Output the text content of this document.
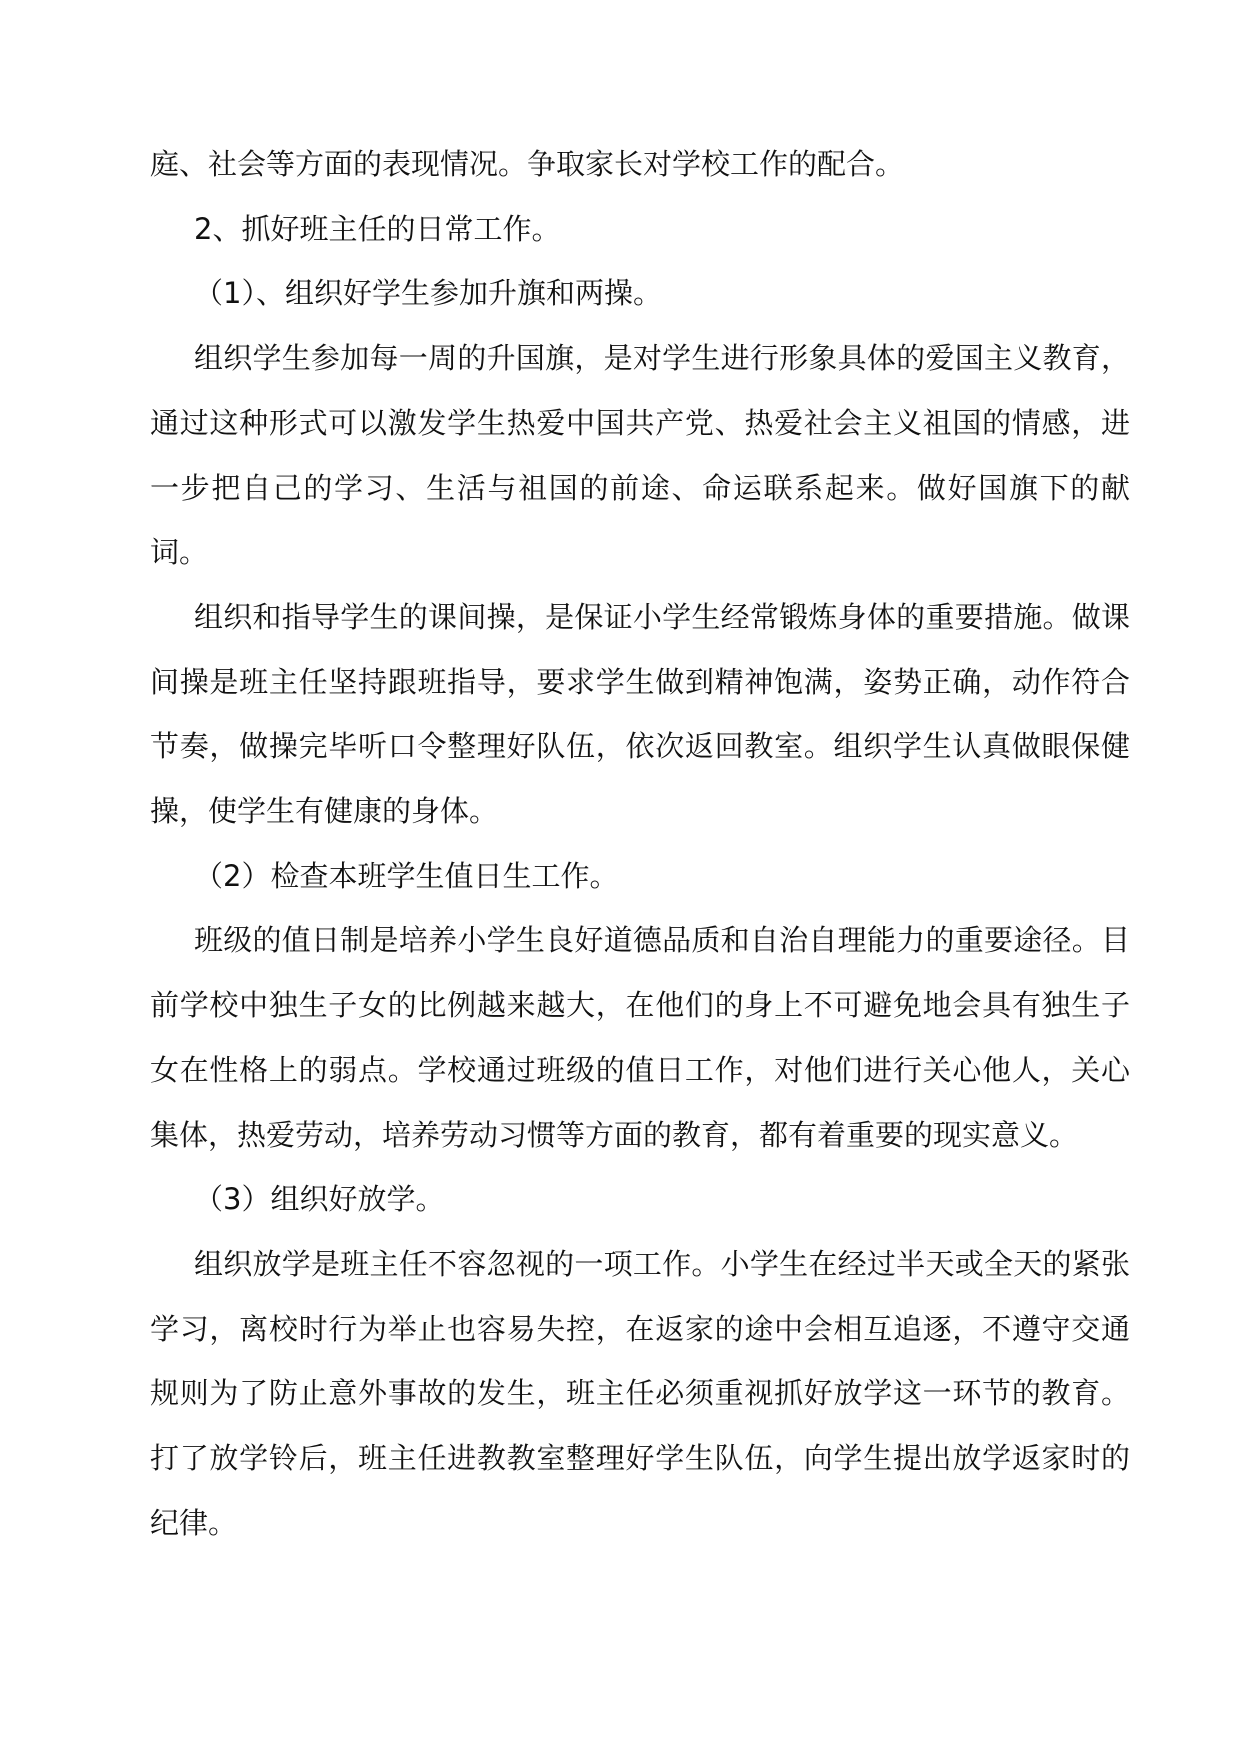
庭、社会等方面的表现情况。争取家长对学校工作的配合。

2、抓好班主任的日常工作。

（1）、组织好学生参加升旗和两操。

组织学生参加每一周的升国旗，是对学生进行形象具体的爱国主义教育，通过这种形式可以激发学生热爱中国共产党、热爱社会主义祖国的情感，进一步把自己的学习、生活与祖国的前途、命运联系起来。做好国旗下的献词。

组织和指导学生的课间操，是保证小学生经常锻炼身体的重要措施。做课间操是班主任坚持跟班指导，要求学生做到精神饱满，姿势正确，动作符合节奏，做操完毕听口令整理好队伍，依次返回教室。组织学生认真做眼保健操，使学生有健康的身体。

（2）检查本班学生值日生工作。

班级的值日制是培养小学生良好道德品质和自治自理能力的重要途径。目前学校中独生子女的比例越来越大，在他们的身上不可避免地会具有独生子女在性格上的弱点。学校通过班级的值日工作，对他们进行关心他人，关心集体，热爱劳动，培养劳动习惯等方面的教育，都有着重要的现实意义。

（3）组织好放学。

组织放学是班主任不容忽视的一项工作。小学生在经过半天或全天的紧张学习，离校时行为举止也容易失控，在返家的途中会相互追逐，不遵守交通规则为了防止意外事故的发生，班主任必须重视抓好放学这一环节的教育。打了放学铃后，班主任进教教室整理好学生队伍，向学生提出放学返家时的纪律。
